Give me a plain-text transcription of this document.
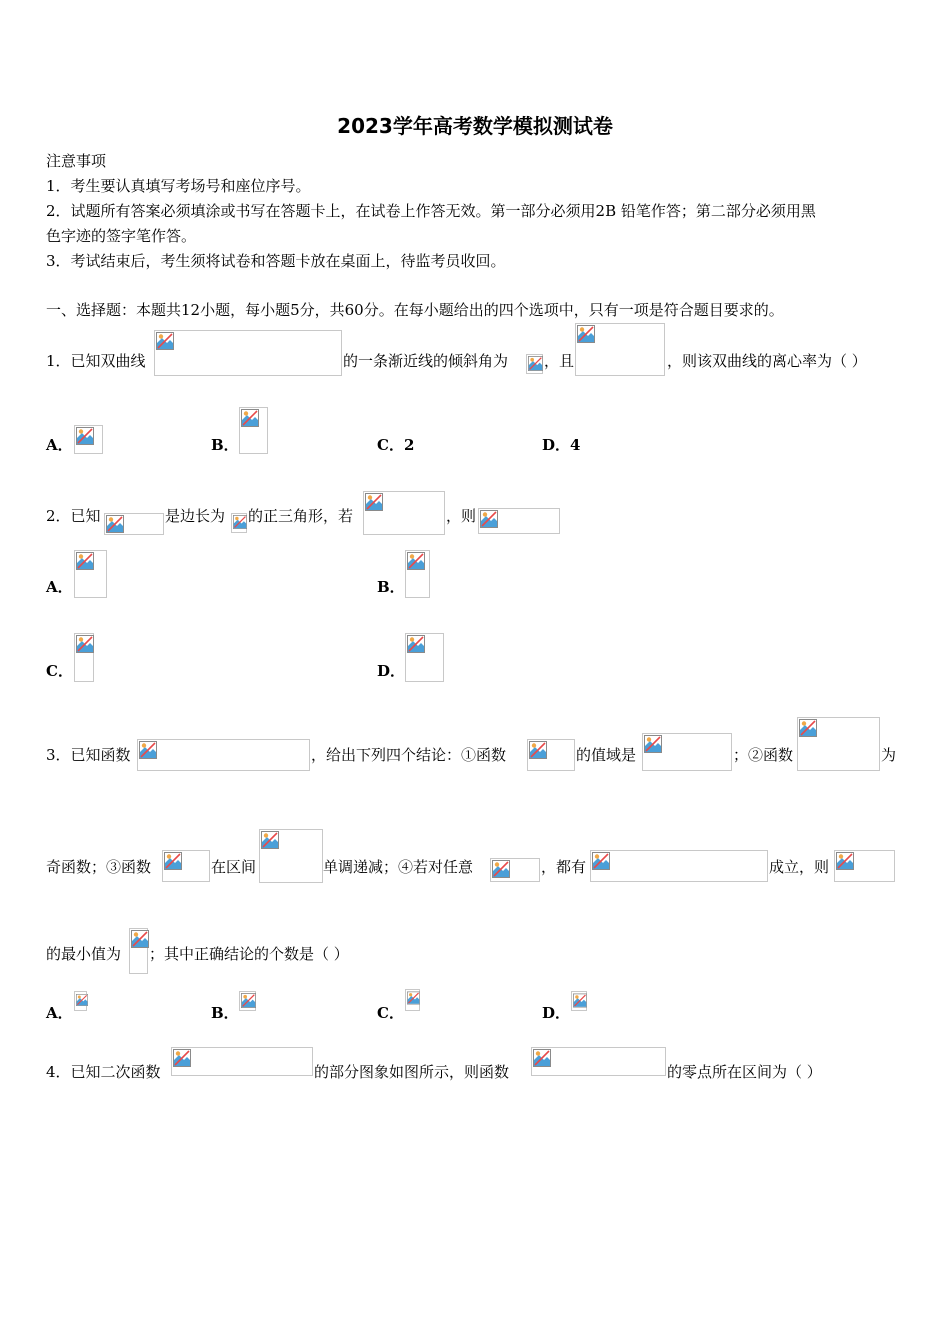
2023学年高考数学模拟测试卷
注意事项
1．考生要认真填写考场号和座位序号。
2．试题所有答案必须填涂或书写在答题卡上，在试卷上作答无效。第一部分必须用2B 铅笔作答；第二部分必须用黑
色字迹的签字笔作答。
3．考试结束后，考生须将试卷和答题卡放在桌面上，待监考员收回。
一、选择题：本题共12小题，每小题5分，共60分。在每小题给出的四个选项中，只有一项是符合题目要求的。
1．已知双曲线	的一条渐近线的倾斜角为 ，且	，则该双曲线的离心率为（ ）
A．	B．	C．2	D．4
2．已知	是边长为 的正三角形，若	，则
A．	B．
C．	D．
3．已知函数	，给出下列四个结论：①函数	的值域是	；②函数	为
奇函数；③函数	在区间	单调递减；④若对任意	，都有	成立，则
的最小值为 ；其中正确结论的个数是（ ）
A．	B．	C．	D．
4．已知二次函数	的部分图象如图所示，则函数	的零点所在区间为（ ）
